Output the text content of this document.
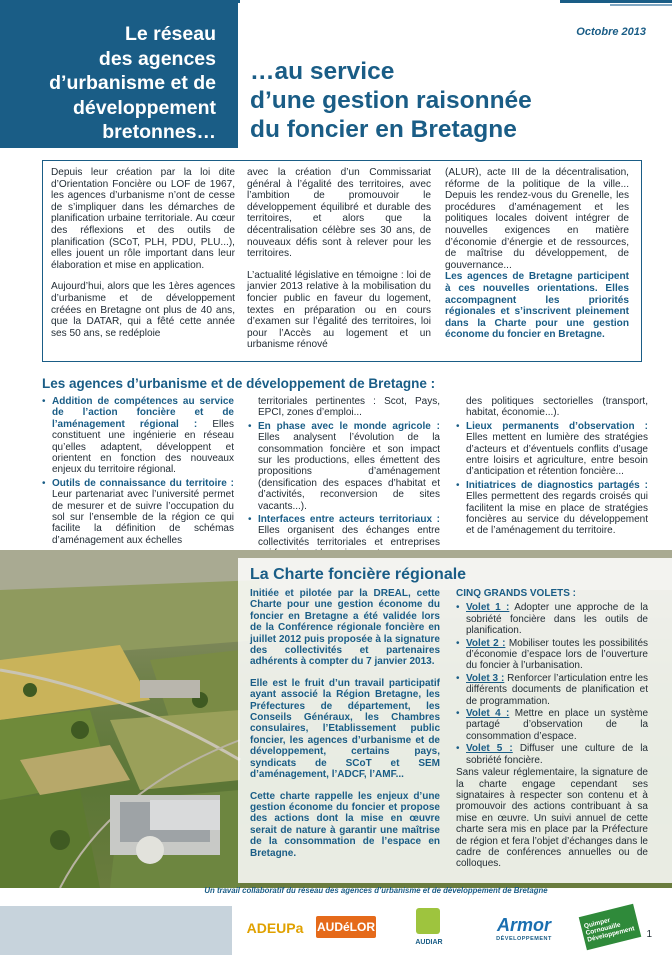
Le réseau
des agences
d’urbanisme et de
développement
bretonnes…
Octobre 2013
…au service
d’une gestion raisonnée
du foncier en Bretagne

Depuis leur création par la loi dite d’Orientation Foncière ou LOF de 1967, les agences d’urbanisme n’ont de cesse de s’impliquer dans les démarches de planification urbaine territoriale. Au cœur des réflexions et des outils de planification (SCoT, PLH, PDU, PLU...), elles jouent un rôle important dans leur élaboration et mise en application.

Aujourd’hui, alors que les 1ères agences d’urbanisme et de développement créées en Bretagne ont plus de 40 ans, que la DATAR, qui a fêté cette année ses 50 ans, se redéploie

avec la création d’un Commissariat général à l’égalité des territoires, avec l’ambition de promouvoir le développement équilibré et durable des territoires, et alors que la décentralisation célèbre ses 30 ans, de nouveaux défis sont à relever pour les territoires.

L’actualité législative en témoigne : loi de janvier 2013 relative à la mobilisation du foncier public en faveur du logement, textes en préparation ou en cours d’examen sur l’égalité des territoires, loi pour l’Accès au logement et un urbanisme rénové

(ALUR), acte III de la décentralisation, réforme de la politique de la ville... Depuis les rendez-vous du Grenelle, les procédures d’aménagement et les politiques locales doivent intégrer de nouvelles exigences en matière d’économie d’énergie et de ressources, de maîtrise du développement, de gouvernance...

Les agences de Bretagne participent à ces nouvelles orientations. Elles accompagnent les priorités régionales et s’inscrivent pleinement dans la Charte pour une gestion économe du foncier en Bretagne.

Les agences d’urbanisme et de développement de Bretagne :
• Addition de compétences au service de l’action foncière et de l’aménagement régional : Elles constituent une ingénierie en réseau qu’elles adaptent, développent et orientent en fonction des nouveaux enjeux du territoire régional.
• Outils de connaissance du territoire : Leur partenariat avec l’université permet de mesurer et de suivre l’occupation du sol sur l’ensemble de la région ce qui facilite la définition de schémas d’aménagement aux échelles
territoriales pertinentes : Scot, Pays, EPCI, zones d’emploi...
• En phase avec le monde agricole : Elles analysent l’évolution de la consommation foncière et son impact sur les productions, elles émettent des propositions d’aménagement (densification des espaces d’habitat et d’activités, reconversion de sites vacants...).
• Interfaces entre acteurs territoriaux : Elles organisent des échanges entre collectivités territoriales et entreprises
des politiques sectorielles (transport, habitat, économie...).
• Lieux permanents d’observation : Elles mettent en lumière des stratégies d’acteurs et d’éventuels conflits d’usage entre loisirs et agriculture, entre besoin d’anticipation et rétention foncière...
• Initiatrices de diagnostics partagés : Elles permettent des regards croisés qui facilitent la mise en place de stratégies foncières au service du développement et de l’aménagement du territoire.
La Charte foncière régionale

Initiée et pilotée par la DREAL, cette Charte pour une gestion économe du foncier en Bretagne a été validée lors de la Conférence régionale foncière en juillet 2012 puis proposée à la signature des collectivités et partenaires adhérents à compter du 7 janvier 2013.

Elle est le fruit d’un travail participatif ayant associé la Région Bretagne, les Préfectures de département, les Conseils Généraux, les Chambres consulaires, l’Etablissement public foncier, les agences d’urbanisme et de développement, certains pays, syndicats de SCoT et SEM d’aménagement, l’ADCF, l’AMF...

Cette charte rappelle les enjeux d’une gestion économe du foncier et propose des actions dont la mise en œuvre serait de nature à garantir une maîtrise de la consommation de l’espace en Bretagne.

CINQ GRANDS VOLETS :
• Volet 1 : Adopter une approche de la sobriété foncière dans les outils de planification.
• Volet 2 : Mobiliser toutes les possibilités d’économie d’espace lors de l’ouverture du foncier à l’urbanisation.
• Volet 3 : Renforcer l’articulation entre les différents documents de planification et de programmation.
• Volet 4 : Mettre en place un système partagé d’observation de la consommation d’espace.
• Volet 5 : Diffuser une culture de la sobriété foncière.
Sans valeur réglementaire, la signature de la charte engage cependant ses signataires à respecter son contenu et à promouvoir des actions contribuant à sa mise en œuvre. Un suivi annuel de cette charte sera mis en place par la Préfecture de région et fera l’objet d’échanges dans le cadre de conférences annuelles ou de colloques.
Un travail collaboratif du réseau des agences d’urbanisme et de développement de Bretagne
ADEUPa AUDéLOR
AUDIAR
Armor
DÉVELOPPEMENT
Quimper Cornouaille Développement	1
